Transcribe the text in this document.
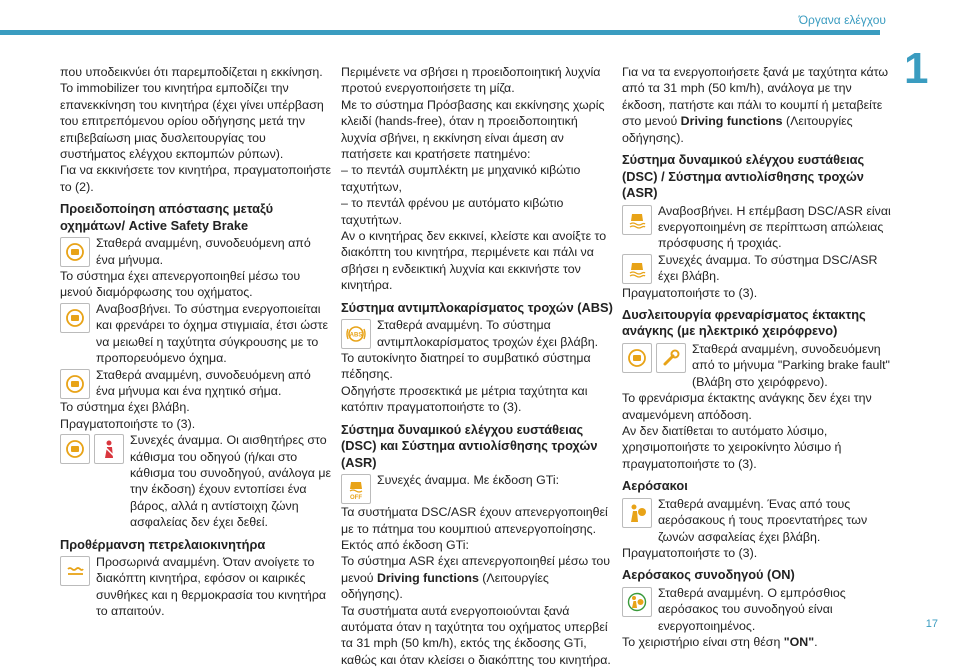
Όργανα ελέγχου
1
17
που υποδεικνύει ότι παρεμποδίζεται η εκκίνηση.
Το immobilizer του κινητήρα εμποδίζει την επανεκκίνηση του κινητήρα (έχει γίνει υπέρβαση του επιτρεπόμενου ορίου οδήγησης μετά την επιβεβαίωση μιας δυσλειτουργίας του συστήματος ελέγχου εκπομπών ρύπων).
Για να εκκινήσετε τον κινητήρα, πραγματοποιήστε το (2).
Προειδοποίηση απόστασης μεταξύ οχημάτων/ Active Safety Brake
Σταθερά αναμμένη, συνοδευόμενη από ένα μήνυμα.
Το σύστημα έχει απενεργοποιηθεί μέσω του μενού διαμόρφωσης του οχήματος.
Αναβοσβήνει. Το σύστημα ενεργοποιείται και φρενάρει το όχημα στιγμιαία, έτσι ώστε να μειωθεί η ταχύτητα σύγκρουσης με το προπορευόμενο όχημα.
Σταθερά αναμμένη, συνοδευόμενη από ένα μήνυμα και ένα ηχητικό σήμα.
Το σύστημα έχει βλάβη.
Πραγματοποιήστε το (3).
Συνεχές άναμμα. Οι αισθητήρες στο κάθισμα του οδηγού (ή/και στο κάθισμα του συνοδηγού, ανάλογα με την έκδοση) έχουν εντοπίσει ένα βάρος, αλλά η αντίστοιχη ζώνη ασφαλείας δεν έχει δεθεί.
Προθέρμανση πετρελαιοκινητήρα
Προσωρινά αναμμένη. Όταν ανοίγετε το διακόπτη κινητήρα, εφόσον οι καιρικές συνθήκες και η θερμοκρασία του κινητήρα το απαιτούν.
Περιμένετε να σβήσει η προειδοποιητική λυχνία προτού ενεργοποιήσετε τη μίζα.
Με το σύστημα Πρόσβασης και εκκίνησης χωρίς κλειδί (hands-free), όταν η προειδοποιητική λυχνία σβήνει, η εκκίνηση είναι άμεση αν πατήσετε και κρατήσετε πατημένο:
– το πεντάλ συμπλέκτη με μηχανικό κιβώτιο ταχυτήτων,
– το πεντάλ φρένου με αυτόματο κιβώτιο ταχυτήτων.
Αν ο κινητήρας δεν εκκινεί, κλείστε και ανοίξτε το διακόπτη του κινητήρα, περιμένετε και πάλι να σβήσει η ενδεικτική λυχνία και εκκινήστε τον κινητήρα.
Σύστημα αντιμπλοκαρίσματος τροχών (ABS)
ABS
Σταθερά αναμμένη. Το σύστημα αντιμπλοκαρίσματος τροχών έχει βλάβη.
Το αυτοκίνητο διατηρεί το συμβατικό σύστημα πέδησης.
Οδηγήστε προσεκτικά με μέτρια ταχύτητα και κατόπιν πραγματοποιήστε το (3).
Σύστημα δυναμικού ελέγχου ευστάθειας (DSC) και Σύστημα αντιολίσθησης τροχών (ASR)
OFF
Συνεχές άναμμα. Με έκδοση GTi:
Τα συστήματα DSC/ASR έχουν απενεργοποιηθεί με το πάτημα του κουμπιού απενεργοποίησης.
Εκτός από έκδοση GTi:
Το σύστημα ASR έχει απενεργοποιηθεί μέσω του μενού Driving functions (Λειτουργίες οδήγησης).
Τα συστήματα αυτά ενεργοποιούνται ξανά αυτόματα όταν η ταχύτητα του οχήματος υπερβεί τα 31 mph (50 km/h), εκτός της έκδοσης GTi, καθώς και όταν κλείσει ο διακόπτης του κινητήρα.
Για να τα ενεργοποιήσετε ξανά με ταχύτητα κάτω από τα 31 mph (50 km/h), ανάλογα με την έκδοση, πατήστε και πάλι το κουμπί ή μεταβείτε στο μενού Driving functions (Λειτουργίες οδήγησης).
Σύστημα δυναμικού ελέγχου ευστάθειας (DSC) / Σύστημα αντιολίσθησης τροχών (ASR)
Αναβοσβήνει. Η επέμβαση DSC/ASR είναι ενεργοποιημένη σε περίπτωση απώλειας πρόσφυσης ή τροχιάς.
Συνεχές άναμμα. Το σύστημα DSC/ASR έχει βλάβη.
Πραγματοποιήστε το (3).
Δυσλειτουργία φρεναρίσματος έκτακτης ανάγκης (με ηλεκτρικό χειρόφρενο)
Σταθερά αναμμένη, συνοδευόμενη από το μήνυμα "Parking brake fault" (Βλάβη στο χειρόφρενο).
Το φρενάρισμα έκτακτης ανάγκης δεν έχει την αναμενόμενη απόδοση.
Αν δεν διατίθεται το αυτόματο λύσιμο, χρησιμοποιήστε το χειροκίνητο λύσιμο ή πραγματοποιήστε το (3).
Αερόσακοι
Σταθερά αναμμένη. Ένας από τους αερόσακους ή τους προεντατήρες των ζωνών ασφαλείας έχει βλάβη.
Πραγματοποιήστε το (3).
Αερόσακος συνοδηγού (ON)
Σταθερά αναμμένη. Ο εμπρόσθιος αερόσακος του συνοδηγού είναι ενεργοποιημένος.
Το χειριστήριο είναι στη θέση "ON".
